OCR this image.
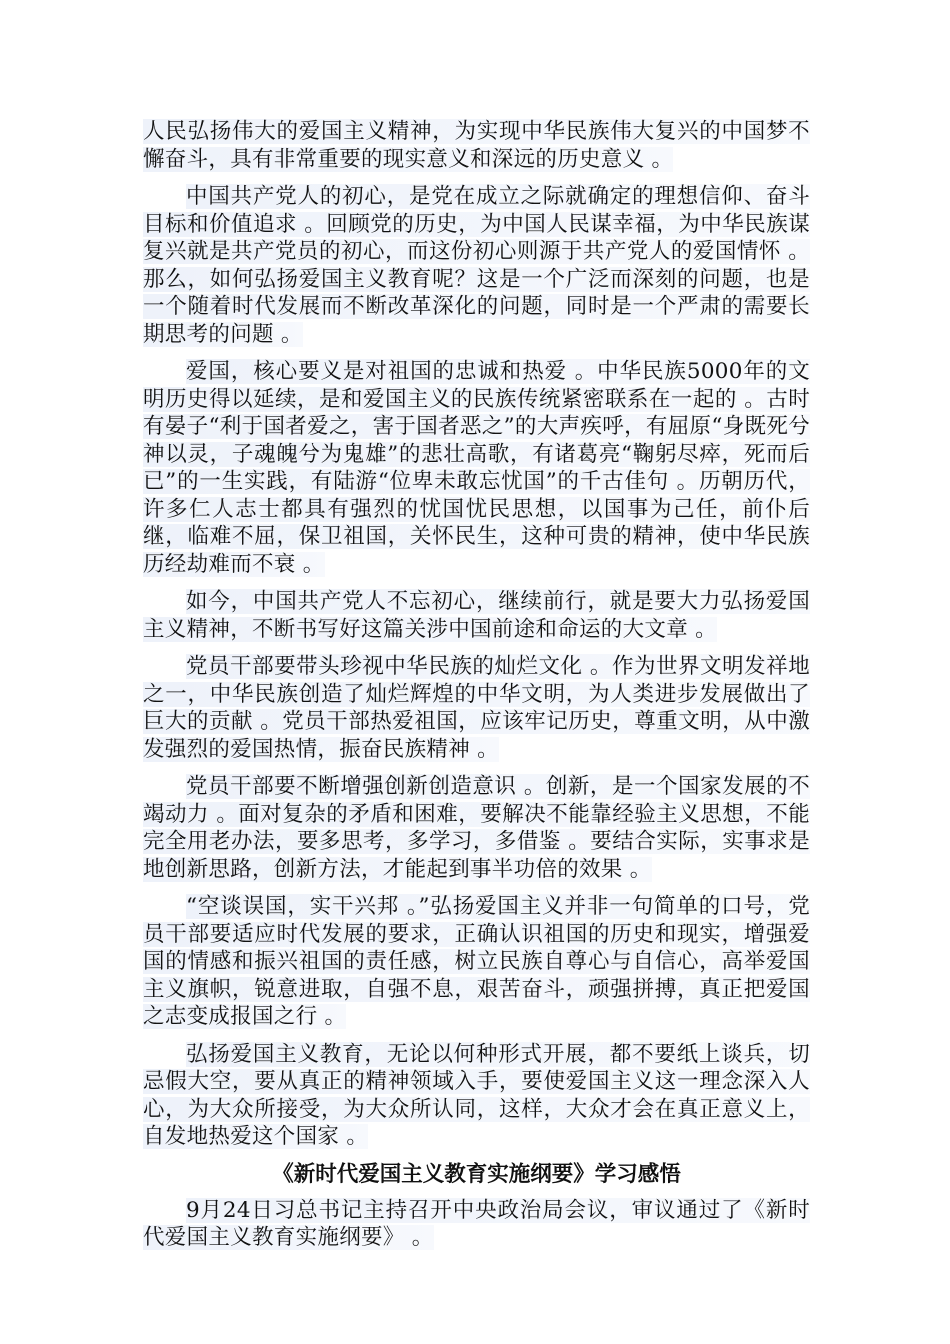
人民弘扬伟大的爱国主义精神，为实现中华民族伟大复兴的中国梦不懈奋斗，具有非常重要的现实意义和深远的历史意义 。

中国共产党人的初心，是党在成立之际就确定的理想信仰、奋斗目标和价值追求 。回顾党的历史，为中国人民谋幸福，为中华民族谋复兴就是共产党员的初心，而这份初心则源于共产党人的爱国情怀 。那么，如何弘扬爱国主义教育呢？这是一个广泛而深刻的问题，也是一个随着时代发展而不断改革深化的问题，同时是一个严肃的需要长期思考的问题 。

爱国，核心要义是对祖国的忠诚和热爱 。中华民族5000年的文明历史得以延续，是和爱国主义的民族传统紧密联系在一起的 。古时有晏子“利于国者爱之，害于国者恶之”的大声疾呼，有屈原“身既死兮神以灵，子魂魄兮为鬼雄”的悲壮高歌，有诸葛亮“鞠躬尽瘁，死而后已”的一生实践，有陆游“位卑未敢忘忧国”的千古佳句 。历朝历代，许多仁人志士都具有强烈的忧国忧民思想，以国事为己任，前仆后继，临难不屈，保卫祖国，关怀民生，这种可贵的精神，使中华民族历经劫难而不衰 。

如今，中国共产党人不忘初心，继续前行，就是要大力弘扬爱国主义精神，不断书写好这篇关涉中国前途和命运的大文章 。

党员干部要带头珍视中华民族的灿烂文化 。作为世界文明发祥地之一，中华民族创造了灿烂辉煌的中华文明，为人类进步发展做出了巨大的贡献 。党员干部热爱祖国，应该牢记历史，尊重文明，从中激发强烈的爱国热情，振奋民族精神 。

党员干部要不断增强创新创造意识 。创新，是一个国家发展的不竭动力 。面对复杂的矛盾和困难，要解决不能靠经验主义思想，不能完全用老办法，要多思考，多学习，多借鉴 。要结合实际，实事求是地创新思路，创新方法，才能起到事半功倍的效果 。

“空谈误国，实干兴邦 。”弘扬爱国主义并非一句简单的口号，党员干部要适应时代发展的要求，正确认识祖国的历史和现实，增强爱国的情感和振兴祖国的责任感，树立民族自尊心与自信心，高举爱国主义旗帜，锐意进取，自强不息，艰苦奋斗，顽强拼搏，真正把爱国之志变成报国之行 。

弘扬爱国主义教育，无论以何种形式开展，都不要纸上谈兵，切忌假大空，要从真正的精神领域入手，要使爱国主义这一理念深入人心，为大众所接受，为大众所认同，这样，大众才会在真正意义上，自发地热爱这个国家 。

《新时代爱国主义教育实施纲要》学习感悟

9月24日习总书记主持召开中央政治局会议，审议通过了《新时代爱国主义教育实施纲要》 。
